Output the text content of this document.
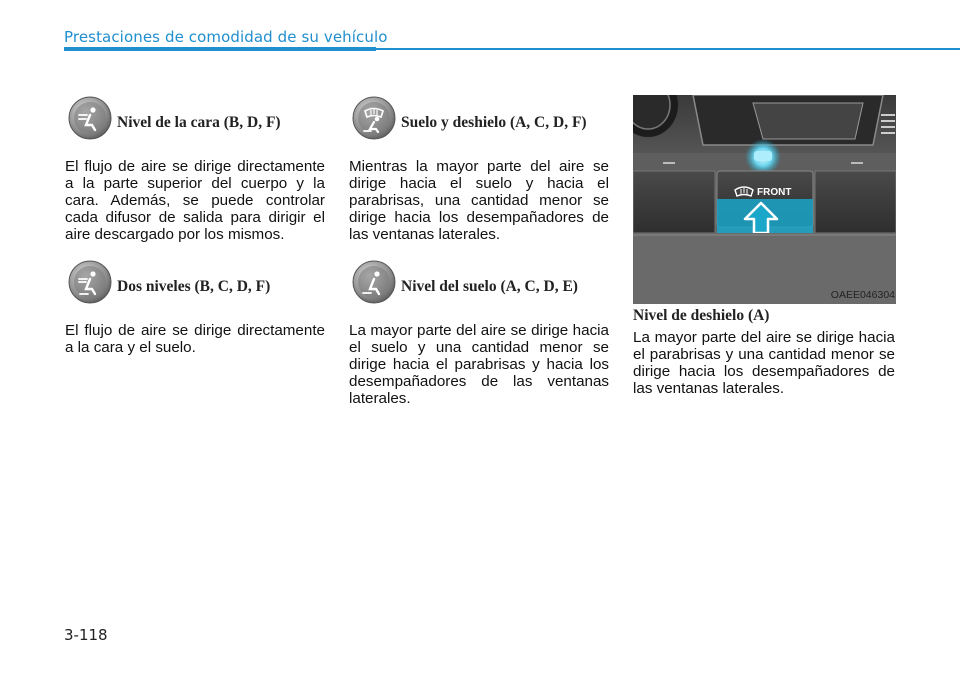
Prestaciones de comodidad de su vehículo
Nivel de la cara (B, D, F)

El flujo de aire se dirige directamente a la parte superior del cuerpo y la cara. Además, se puede controlar cada difusor de salida para dirigir el aire descargado por los mismos.

Dos niveles (B, C, D, F)

El flujo de aire se dirige directamente a la cara y el suelo.

Suelo y deshielo (A, C, D, F)

Mientras la mayor parte del aire se dirige hacia el suelo y hacia el parabrisas, una cantidad menor se dirige hacia los desempañadores de las ventanas laterales.

Nivel del suelo (A, C, D, E)

La mayor parte del aire se dirige hacia el suelo y una cantidad menor se dirige hacia el parabrisas y hacia los desempañadores de las ventanas laterales.

FRONT
OAEE046304
Nivel de deshielo (A)

La mayor parte del aire se dirige hacia el parabrisas y una cantidad menor se dirige hacia los desempañadores de las ventanas laterales.

3-118
